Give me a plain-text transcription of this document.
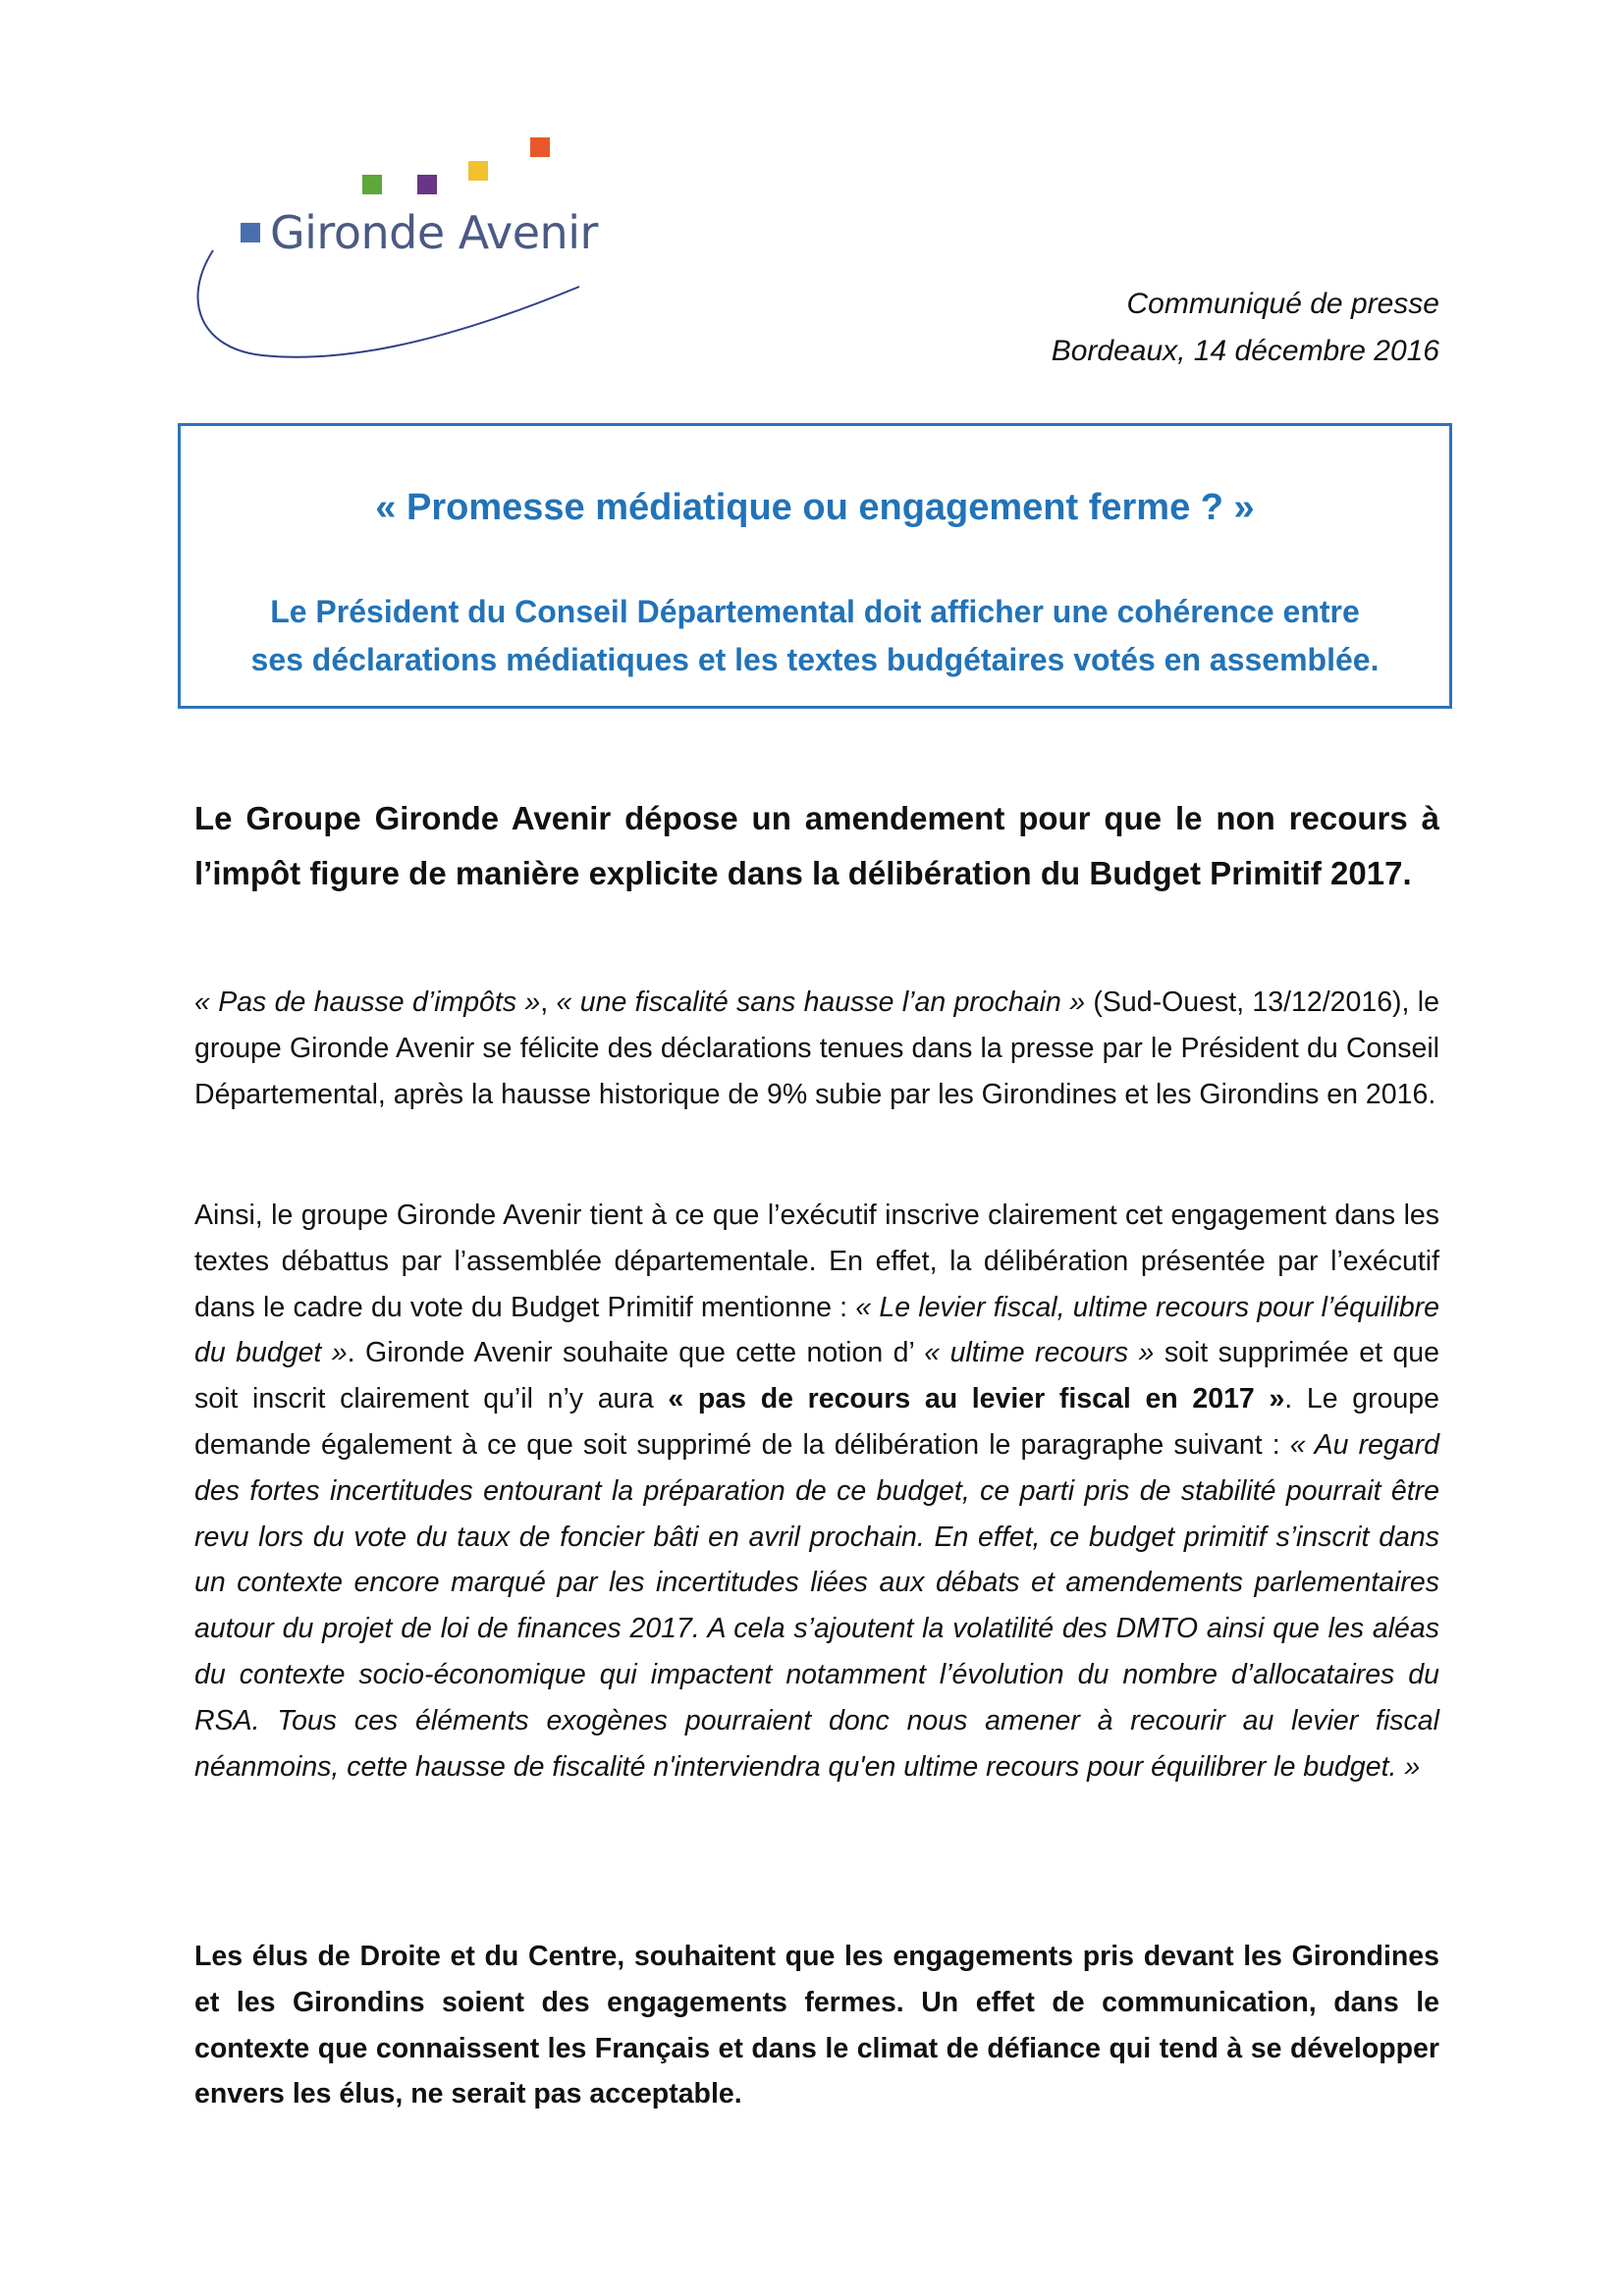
Gironde Avenir
Communiqué de presse
Bordeaux, 14 décembre 2016
« Promesse médiatique ou engagement ferme ? »
Le Président du Conseil Départemental doit afficher une cohérence entre
ses déclarations médiatiques et les textes budgétaires votés en assemblée.
Le Groupe Gironde Avenir dépose un amendement pour que le non recours à l’impôt figure de manière explicite dans la délibération du Budget Primitif 2017.
« Pas de hausse d’impôts », « une fiscalité sans hausse l’an prochain » (Sud-Ouest, 13/12/2016), le groupe Gironde Avenir se félicite des déclarations tenues dans la presse par le Président du Conseil Départemental, après la hausse historique de 9% subie par les Girondines et les Girondins en 2016.
Ainsi, le groupe Gironde Avenir tient à ce que l’exécutif inscrive clairement cet engagement dans les textes débattus par l’assemblée départementale. En effet, la délibération présentée par l’exécutif dans le cadre du vote du Budget Primitif mentionne : « Le levier fiscal, ultime recours pour l’équilibre du budget ». Gironde Avenir souhaite que cette notion d’ « ultime recours » soit supprimée et que soit inscrit clairement qu’il n’y aura « pas de recours au levier fiscal en 2017 ». Le groupe demande également à ce que soit supprimé de la délibération le paragraphe suivant : « Au regard des fortes incertitudes entourant la préparation de ce budget, ce parti pris de stabilité pourrait être revu lors du vote du taux de foncier bâti en avril prochain. En effet, ce budget primitif s’inscrit dans un contexte encore marqué par les incertitudes liées aux débats et amendements parlementaires autour du projet de loi de finances 2017. A cela s’ajoutent la volatilité des DMTO ainsi que les aléas du contexte socio-économique qui impactent notamment l’évolution du nombre d’allocataires du RSA. Tous ces éléments exogènes pourraient donc nous amener à recourir au levier fiscal néanmoins, cette hausse de fiscalité n'interviendra qu'en ultime recours pour équilibrer le budget. »
Les élus de Droite et du Centre, souhaitent que les engagements pris devant les Girondines et les Girondins soient des engagements fermes. Un effet de communication, dans le contexte que connaissent les Français et dans le climat de défiance qui tend à se développer envers les élus, ne serait pas acceptable.
